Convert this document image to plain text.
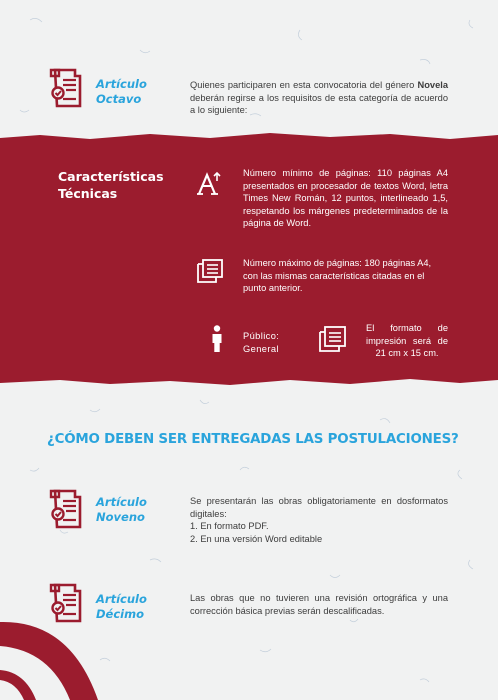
Artículo
Octavo
Quienes participaren en esta convocatoria del género Novela deberán regirse a los requisitos de esta categoría de acuerdo a lo siguiente:
Características
Técnicas
Número mínimo de páginas: 110 páginas A4 presentados en procesador de textos Word, letra Times New Román, 12 puntos, interlineado 1,5, respetando los márgenes predeterminados de la página de Word.
Número máximo de páginas: 180 páginas A4, con las mismas características citadas en el punto anterior.
Público:
General
El formato de impresión será de 21 cm x 15 cm.
¿CÓMO DEBEN SER ENTREGADAS LAS POSTULACIONES?
Artículo
Noveno
Se presentarán las obras obligatoriamente en dosformatos digitales:
1. En formato PDF.
2. En una versión Word editable
Artículo
Décimo
Las obras que no tuvieren una revisión ortográfica y una corrección básica previas serán descalificadas.
